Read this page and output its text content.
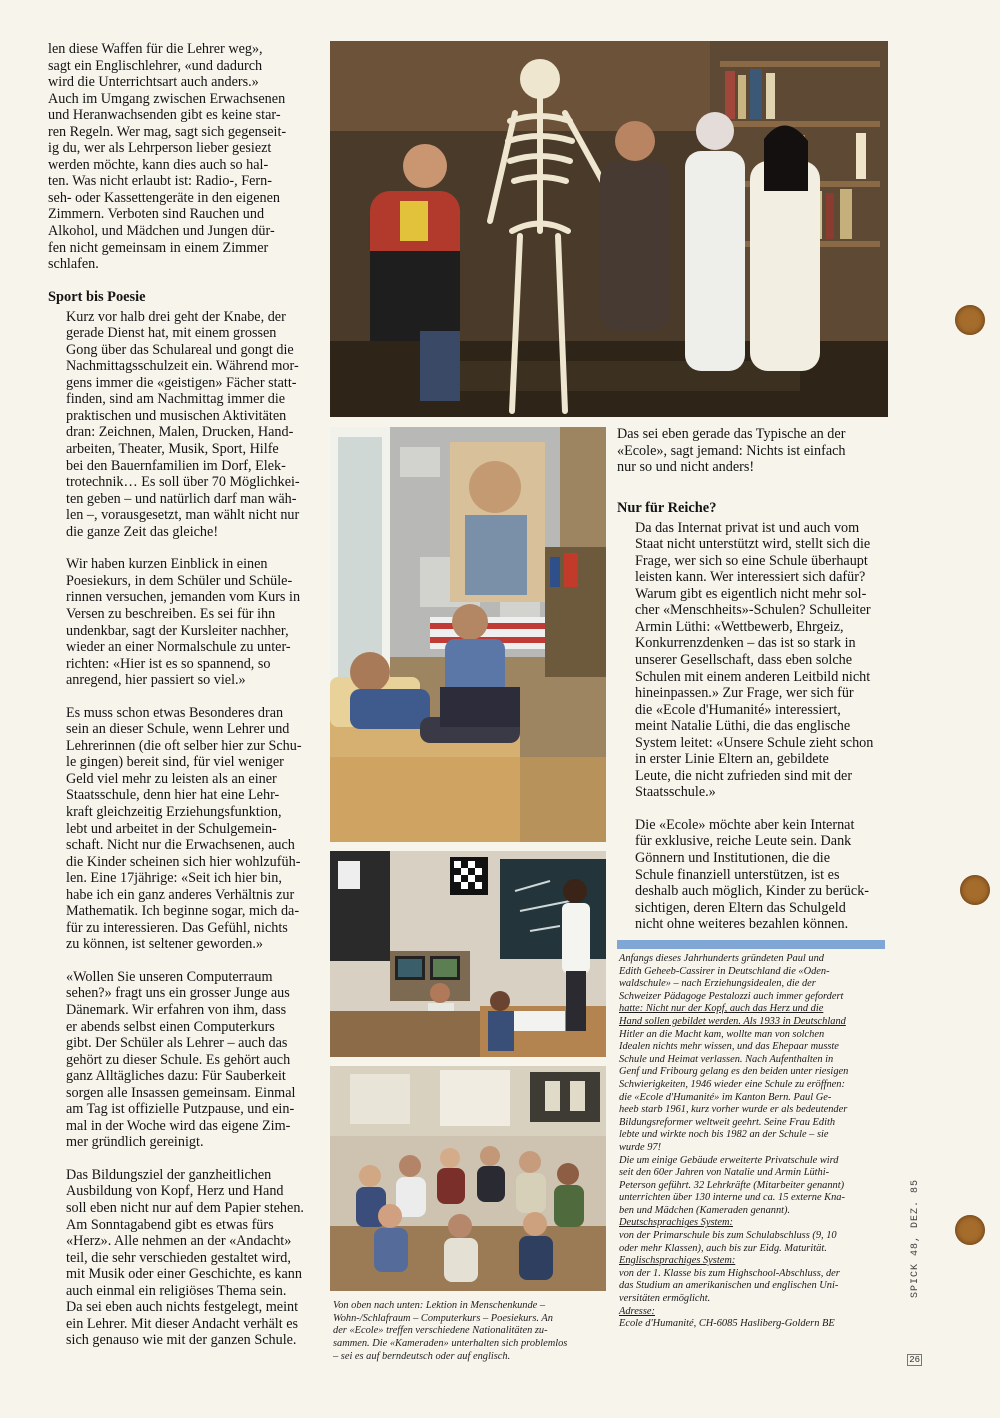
len diese Waffen für die Lehrer weg»,
sagt ein Englischlehrer, «und dadurch
wird die Unterrichtsart auch anders.»
Auch im Umgang zwischen Erwachsenen
und Heranwachsenden gibt es keine star-
ren Regeln. Wer mag, sagt sich gegenseit-
ig du, wer als Lehrperson lieber gesiezt
werden möchte, kann dies auch so hal-
ten. Was nicht erlaubt ist: Radio-, Fern-
seh- oder Kassettengeräte in den eigenen
Zimmern. Verboten sind Rauchen und
Alkohol, und Mädchen und Jungen dür-
fen nicht gemeinsam in einem Zimmer
schlafen.

Sport bis Poesie

Kurz vor halb drei geht der Knabe, der
gerade Dienst hat, mit einem grossen
Gong über das Schulareal und gongt die
Nachmittagsschulzeit ein. Während mor-
gens immer die «geistigen» Fächer statt-
finden, sind am Nachmittag immer die
praktischen und musischen Aktivitäten
dran: Zeichnen, Malen, Drucken, Hand-
arbeiten, Theater, Musik, Sport, Hilfe
bei den Bauernfamilien im Dorf, Elek-
trotechnik… Es soll über 70 Möglichkei-
ten geben – und natürlich darf man wäh-
len –, vorausgesetzt, man wählt nicht nur
die ganze Zeit das gleiche!

Wir haben kurzen Einblick in einen
Poesiekurs, in dem Schüler und Schüle-
rinnen versuchen, jemanden vom Kurs in
Versen zu beschreiben. Es sei für ihn
undenkbar, sagt der Kursleiter nachher,
wieder an einer Normalschule zu unter-
richten: «Hier ist es so spannend, so
anregend, hier passiert so viel.»

Es muss schon etwas Besonderes dran
sein an dieser Schule, wenn Lehrer und
Lehrerinnen (die oft selber hier zur Schu-
le gingen) bereit sind, für viel weniger
Geld viel mehr zu leisten als an einer
Staatsschule, denn hier hat eine Lehr-
kraft gleichzeitig Erziehungsfunktion,
lebt und arbeitet in der Schulgemein-
schaft. Nicht nur die Erwachsenen, auch
die Kinder scheinen sich hier wohlzufüh-
len. Eine 17jährige: «Seit ich hier bin,
habe ich ein ganz anderes Verhältnis zur
Mathematik. Ich beginne sogar, mich da-
für zu interessieren. Das Gefühl, nichts
zu können, ist seltener geworden.»

«Wollen Sie unseren Computerraum
sehen?» fragt uns ein grosser Junge aus
Dänemark. Wir erfahren von ihm, dass
er abends selbst einen Computerkurs
gibt. Der Schüler als Lehrer – auch das
gehört zu dieser Schule. Es gehört auch
ganz Alltägliches dazu: Für Sauberkeit
sorgen alle Insassen gemeinsam. Einmal
am Tag ist offizielle Putzpause, und ein-
mal in der Woche wird das eigene Zim-
mer gründlich gereinigt.

Das Bildungsziel der ganzheitlichen
Ausbildung von Kopf, Herz und Hand
soll eben nicht nur auf dem Papier stehen.
Am Sonntagabend gibt es etwas fürs
«Herz». Alle nehmen an der «Andacht»
teil, die sehr verschieden gestaltet wird,
mit Musik oder einer Geschichte, es kann
auch einmal ein religiöses Thema sein.
Da sei eben auch nichts festgelegt, meint
ein Lehrer. Mit dieser Andacht verhält es
sich genauso wie mit der ganzen Schule.

Von oben nach unten: Lektion in Menschenkunde –
Wohn-/Schlafraum – Computerkurs – Poesiekurs. An
der «Ecole» treffen verschiedene Nationalitäten zu-
sammen. Die «Kameraden» unterhalten sich problemlos
– sei es auf berndeutsch oder auf englisch.

Das sei eben gerade das Typische an der
«Ecole», sagt jemand: Nichts ist einfach
nur so und nicht anders!

Nur für Reiche?

Da das Internat privat ist und auch vom
Staat nicht unterstützt wird, stellt sich die
Frage, wer sich so eine Schule überhaupt
leisten kann. Wer interessiert sich dafür?
Warum gibt es eigentlich nicht mehr sol-
cher «Menschheits»-Schulen? Schulleiter
Armin Lüthi: «Wettbewerb, Ehrgeiz,
Konkurrenzdenken – das ist so stark in
unserer Gesellschaft, dass eben solche
Schulen mit einem anderen Leitbild nicht
hineinpassen.» Zur Frage, wer sich für
die «Ecole d'Humanité» interessiert,
meint Natalie Lüthi, die das englische
System leitet: «Unsere Schule zieht schon
in erster Linie Eltern an, gebildete
Leute, die nicht zufrieden sind mit der
Staatsschule.»

Die «Ecole» möchte aber kein Internat
für exklusive, reiche Leute sein. Dank
Gönnern und Institutionen, die die
Schule finanziell unterstützen, ist es
deshalb auch möglich, Kinder zu berück-
sichtigen, deren Eltern das Schulgeld
nicht ohne weiteres bezahlen können.

Anfangs dieses Jahrhunderts gründeten Paul und
Edith Geheeb-Cassirer in Deutschland die «Oden-
waldschule» – nach Erziehungsidealen, die der
Schweizer Pädagoge Pestalozzi auch immer gefordert
hatte: Nicht nur der Kopf, auch das Herz und die
Hand sollen gebildet werden. Als 1933 in Deutschland
Hitler an die Macht kam, wollte man von solchen
Idealen nichts mehr wissen, und das Ehepaar musste
Schule und Heimat verlassen. Nach Aufenthalten in
Genf und Fribourg gelang es den beiden unter riesigen
Schwierigkeiten, 1946 wieder eine Schule zu eröffnen:
die «Ecole d'Humanité» im Kanton Bern. Paul Ge-
heeb starb 1961, kurz vorher wurde er als bedeutender
Bildungsreformer weltweit geehrt. Seine Frau Edith
lebte und wirkte noch bis 1982 an der Schule – sie
wurde 97!
Die um einige Gebäude erweiterte Privatschule wird
seit den 60er Jahren von Natalie und Armin Lüthi-
Peterson geführt. 32 Lehrkräfte (Mitarbeiter genannt)
unterrichten über 130 interne und ca. 15 externe Kna-
ben und Mädchen (Kameraden genannt).
Deutschsprachiges System:
von der Primarschule bis zum Schulabschluss (9, 10
oder mehr Klassen), auch bis zur Eidg. Maturität.
Englischsprachiges System:
von der 1. Klasse bis zum Highschool-Abschluss, der
das Studium an amerikanischen und englischen Uni-
versitäten ermöglicht.
Adresse:
Ecole d'Humanité, CH-6085 Hasliberg-Goldern BE
SPICK 48, DEZ. 85
26
